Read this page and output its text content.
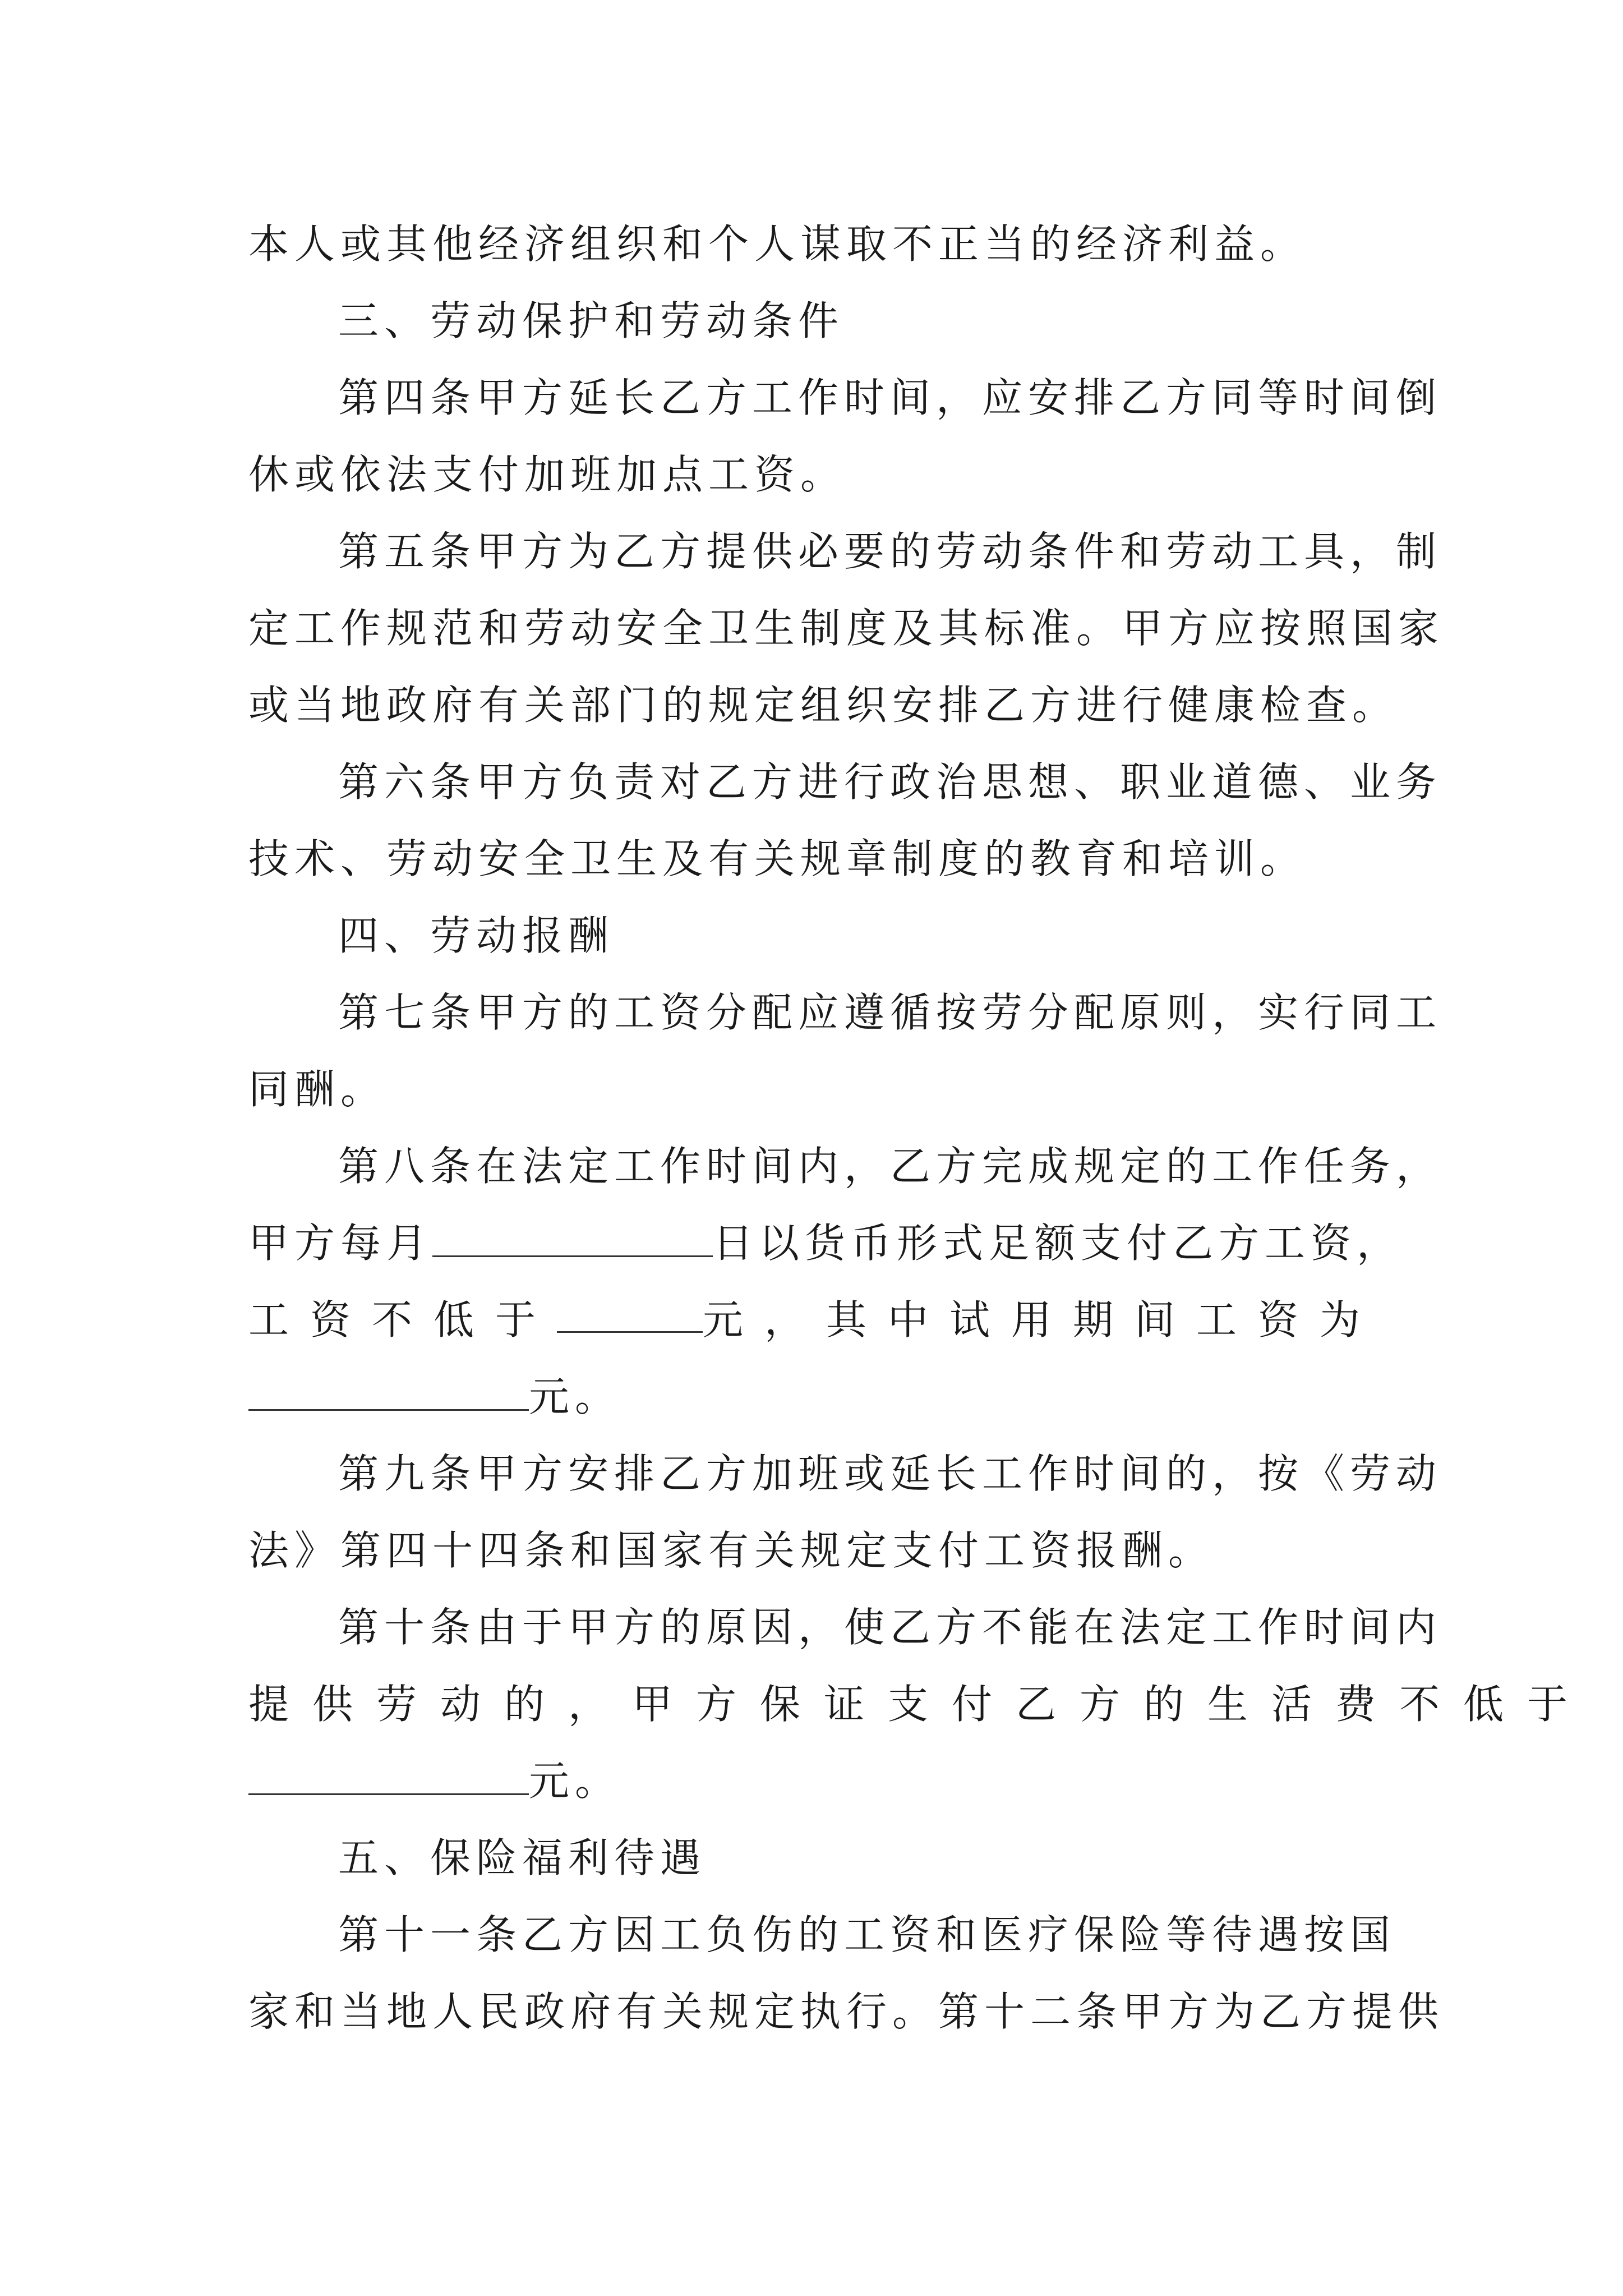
本人或其他经济组织和个人谋取不正当的经济利益。
三、劳动保护和劳动条件
第四条甲方延长乙方工作时间，应安排乙方同等时间倒
休或依法支付加班加点工资。
第五条甲方为乙方提供必要的劳动条件和劳动工具，制
定工作规范和劳动安全卫生制度及其标准。甲方应按照国家
或当地政府有关部门的规定组织安排乙方进行健康检查。
第六条甲方负责对乙方进行政治思想、职业道德、业务
技术、劳动安全卫生及有关规章制度的教育和培训。
四、劳动报酬
第七条甲方的工资分配应遵循按劳分配原则，实行同工
同酬。
第八条在法定工作时间内，乙方完成规定的工作任务，
甲方每月	日以货币形式足额支付乙方工资，
工资不低于	元，其中试用期间工资为
元。
第九条甲方安排乙方加班或延长工作时间的，按《劳动
法》第四十四条和国家有关规定支付工资报酬。
第十条由于甲方的原因，使乙方不能在法定工作时间内
提供劳动的，甲方保证支付乙方的生活费不低于
元。
五、保险福利待遇
第十一条乙方因工负伤的工资和医疗保险等待遇按国
家和当地人民政府有关规定执行。第十二条甲方为乙方提供
